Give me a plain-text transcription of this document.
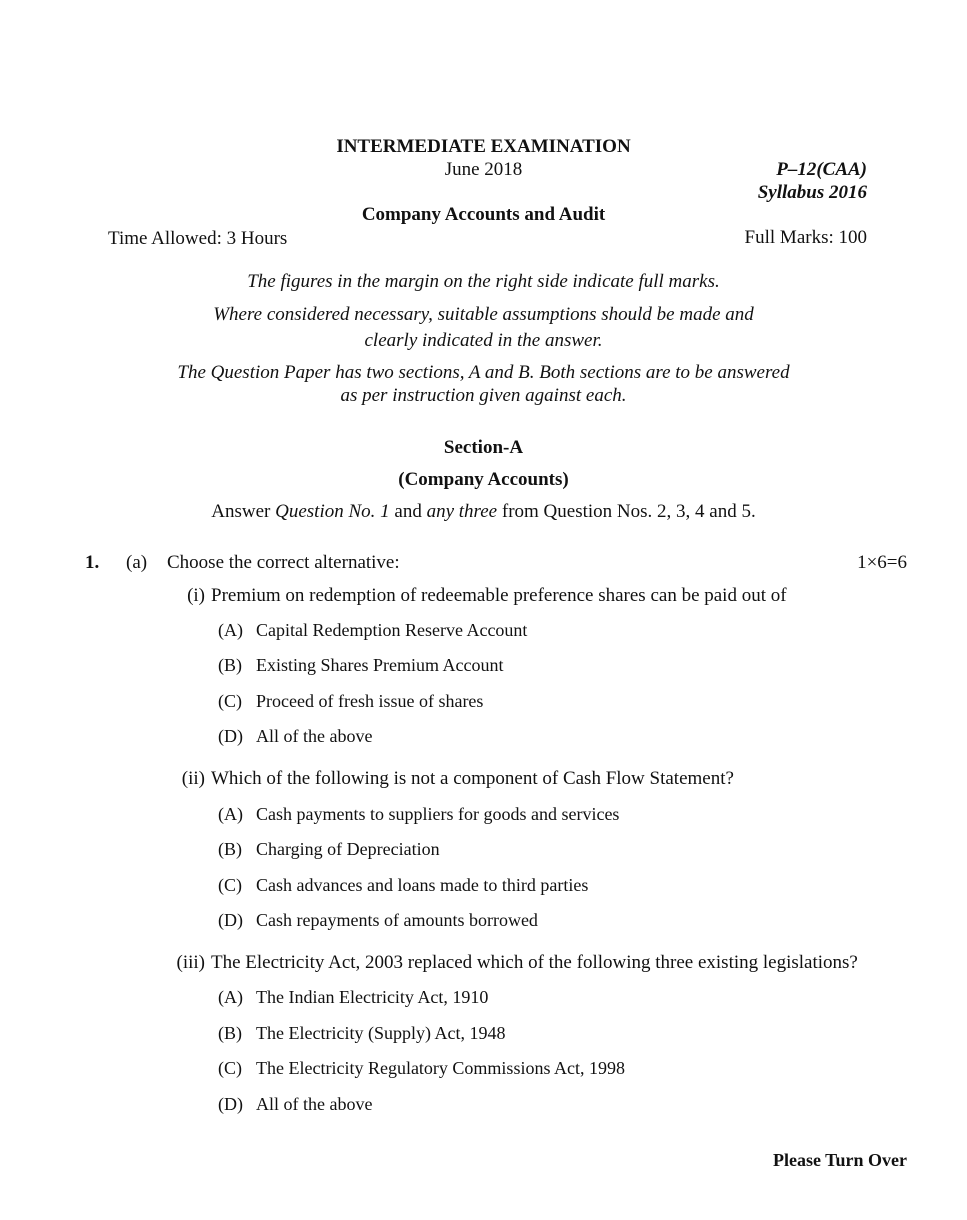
INTERMEDIATE EXAMINATION
June 2018	P–12(CAA)
Syllabus 2016
Company Accounts and Audit
Time Allowed: 3 Hours	Full Marks: 100
The figures in the margin on the right side indicate full marks.
Where considered necessary, suitable assumptions should be made and
clearly indicated in the answer.
The Question Paper has two sections, A and B. Both sections are to be answered
as per instruction given against each.
Section-A
(Company Accounts)
Answer Question No. 1 and any three from Question Nos. 2, 3, 4 and 5.
1. (a) Choose the correct alternative:	1×6=6
(i) Premium on redemption of redeemable preference shares can be paid out of
(A) Capital Redemption Reserve Account
(B) Existing Shares Premium Account
(C) Proceed of fresh issue of shares
(D) All of the above
(ii) Which of the following is not a component of Cash Flow Statement?
(A) Cash payments to suppliers for goods and services
(B) Charging of Depreciation
(C) Cash advances and loans made to third parties
(D) Cash repayments of amounts borrowed
(iii) The Electricity Act, 2003 replaced which of the following three existing legislations?
(A) The Indian Electricity Act, 1910
(B) The Electricity (Supply) Act, 1948
(C) The Electricity Regulatory Commissions Act, 1998
(D) All of the above
Please Turn Over
